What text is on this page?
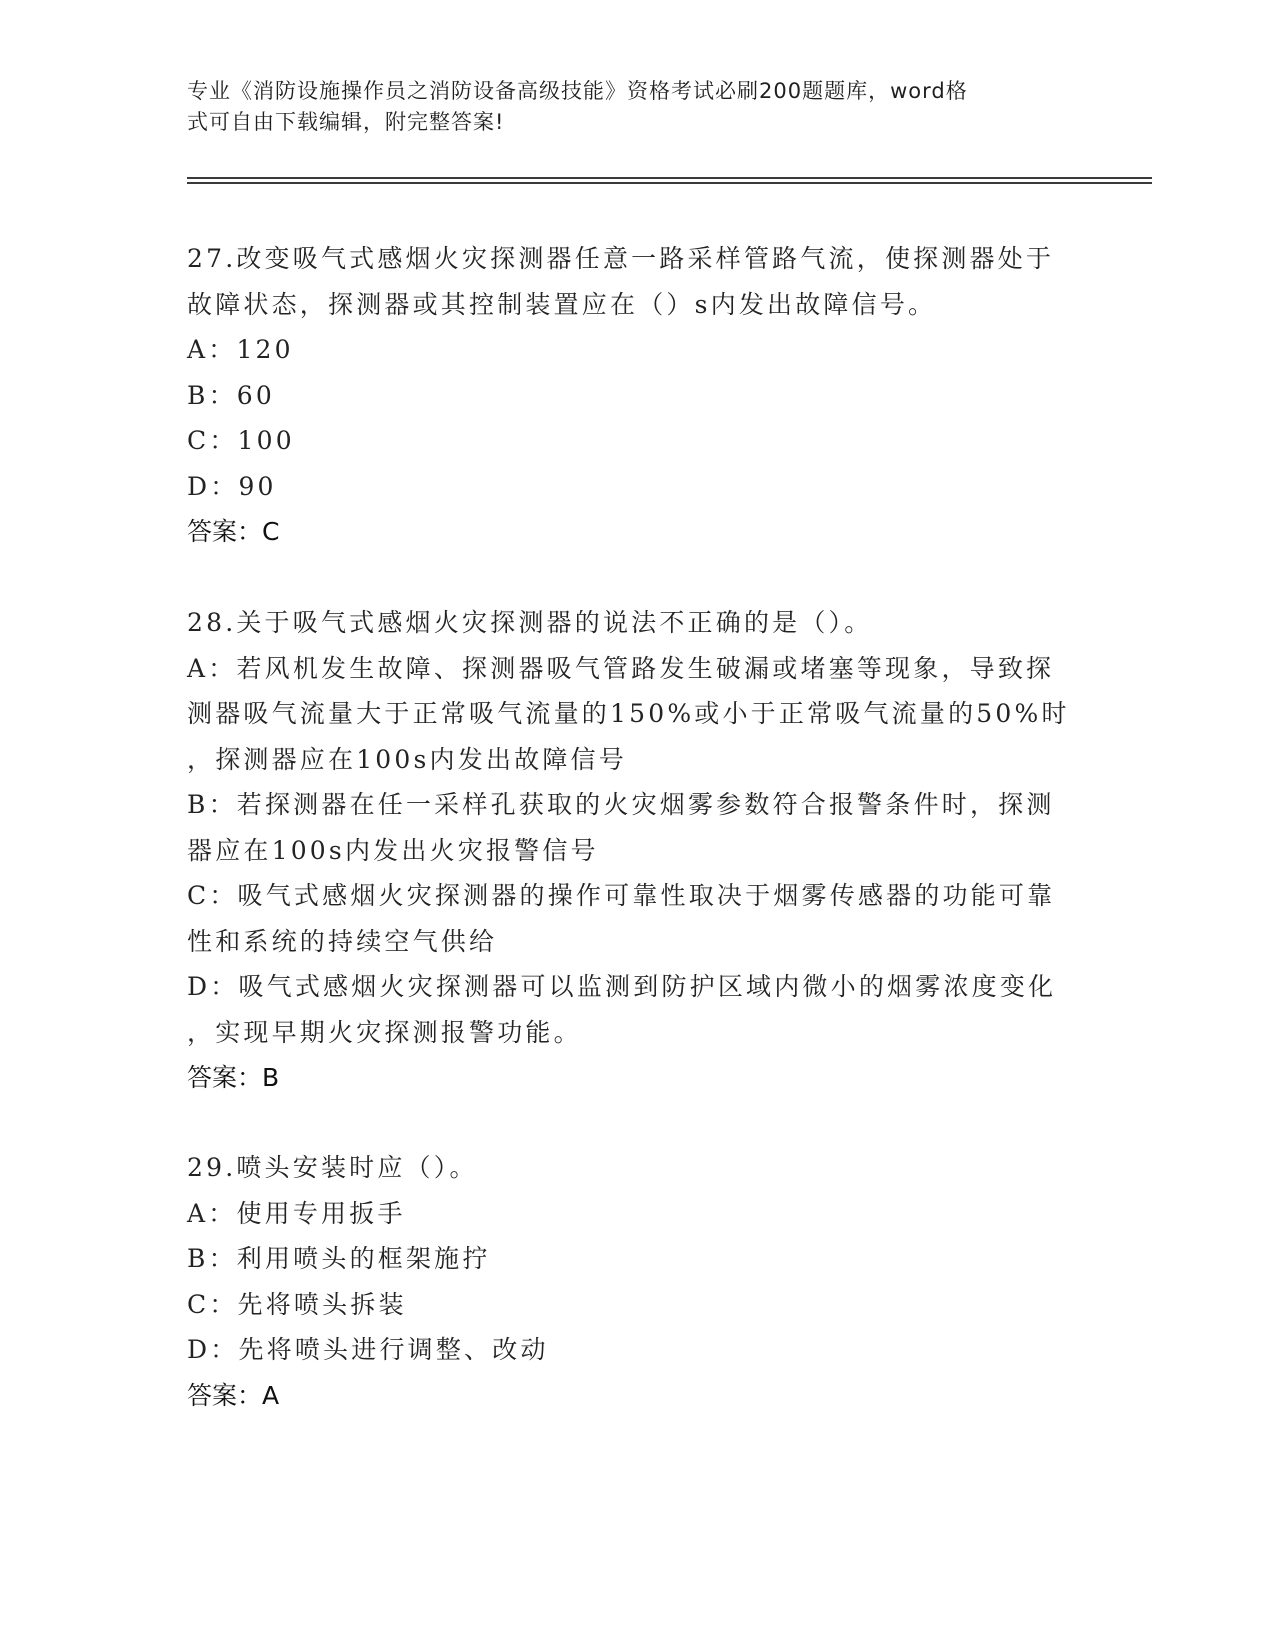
专业《消防设施操作员之消防设备高级技能》资格考试必刷200题题库，word格
式可自由下载编辑，附完整答案!

27.改变吸气式感烟火灾探测器任意一路采样管路气流，使探测器处于

故障状态，探测器或其控制装置应在（）s内发出故障信号。

A：120

B：60

C：100

D：90

答案：C

28.关于吸气式感烟火灾探测器的说法不正确的是（）。

A：若风机发生故障、探测器吸气管路发生破漏或堵塞等现象，导致探

测器吸气流量大于正常吸气流量的150%或小于正常吸气流量的50%时

，探测器应在100s内发出故障信号

B：若探测器在任一采样孔获取的火灾烟雾参数符合报警条件时，探测

器应在100s内发出火灾报警信号

C：吸气式感烟火灾探测器的操作可靠性取决于烟雾传感器的功能可靠

性和系统的持续空气供给

D：吸气式感烟火灾探测器可以监测到防护区域内微小的烟雾浓度变化

，实现早期火灾探测报警功能。

答案：B

29.喷头安装时应（）。

A：使用专用扳手

B：利用喷头的框架施拧

C：先将喷头拆装

D：先将喷头进行调整、改动

答案：A
